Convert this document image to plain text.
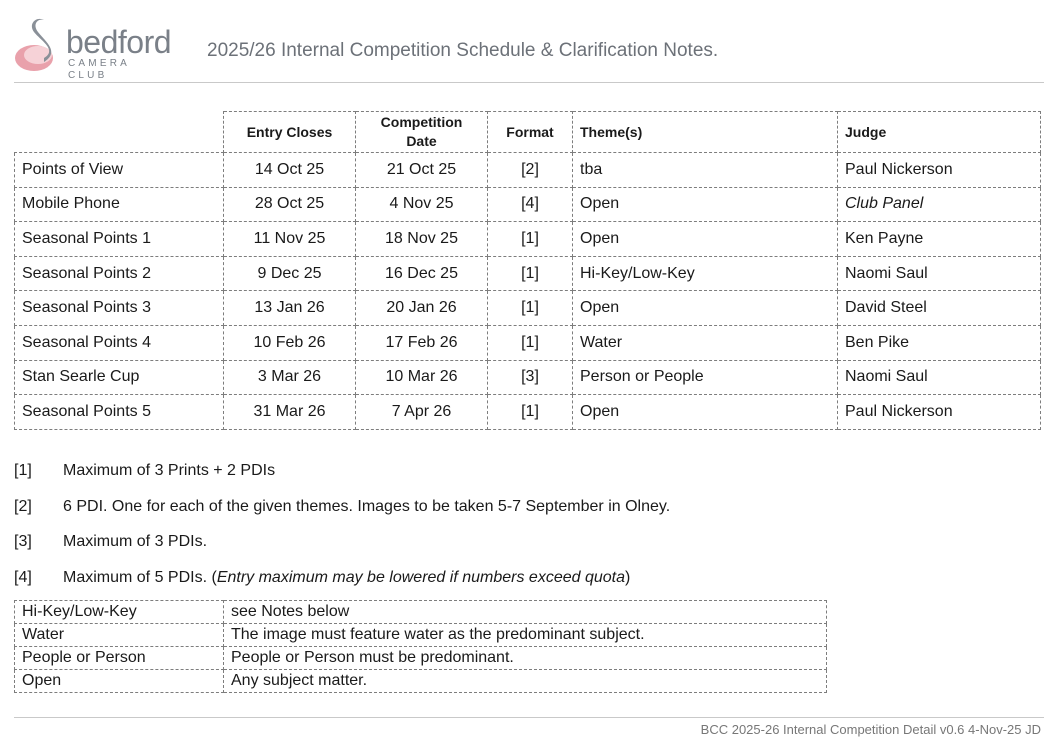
bedford
CAMERA CLUB
2025/26 Internal Competition Schedule & Clarification Notes.
	Entry Closes	Competition Date	Format	Theme(s)	Judge
Points of View	14 Oct 25	21 Oct 25	[2]	tba	Paul Nickerson
Mobile Phone	28 Oct 25	4 Nov 25	[4]	Open	Club Panel
Seasonal Points 1	11 Nov 25	18 Nov 25	[1]	Open	Ken Payne
Seasonal Points 2	9 Dec 25	16 Dec 25	[1]	Hi-Key/Low-Key	Naomi Saul
Seasonal Points 3	13 Jan 26	20 Jan 26	[1]	Open	David Steel
Seasonal Points 4	10 Feb 26	17 Feb 26	[1]	Water	Ben Pike
Stan Searle Cup	3 Mar 26	10 Mar 26	[3]	Person or People	Naomi Saul
Seasonal Points 5	31 Mar 26	7 Apr 26	[1]	Open	Paul Nickerson
[1]	Maximum of 3 Prints + 2 PDIs
[2]	6 PDI. One for each of the given themes. Images to be taken 5-7 September in Olney.
[3]	Maximum of 3 PDIs.
[4]	Maximum of 5 PDIs. (Entry maximum may be lowered if numbers exceed quota)
Hi-Key/Low-Key	see Notes below
Water	The image must feature water as the predominant subject.
People or Person	People or Person must be predominant.
Open	Any subject matter.
BCC 2025-26 Internal Competition Detail v0.6 4-Nov-25 JD
